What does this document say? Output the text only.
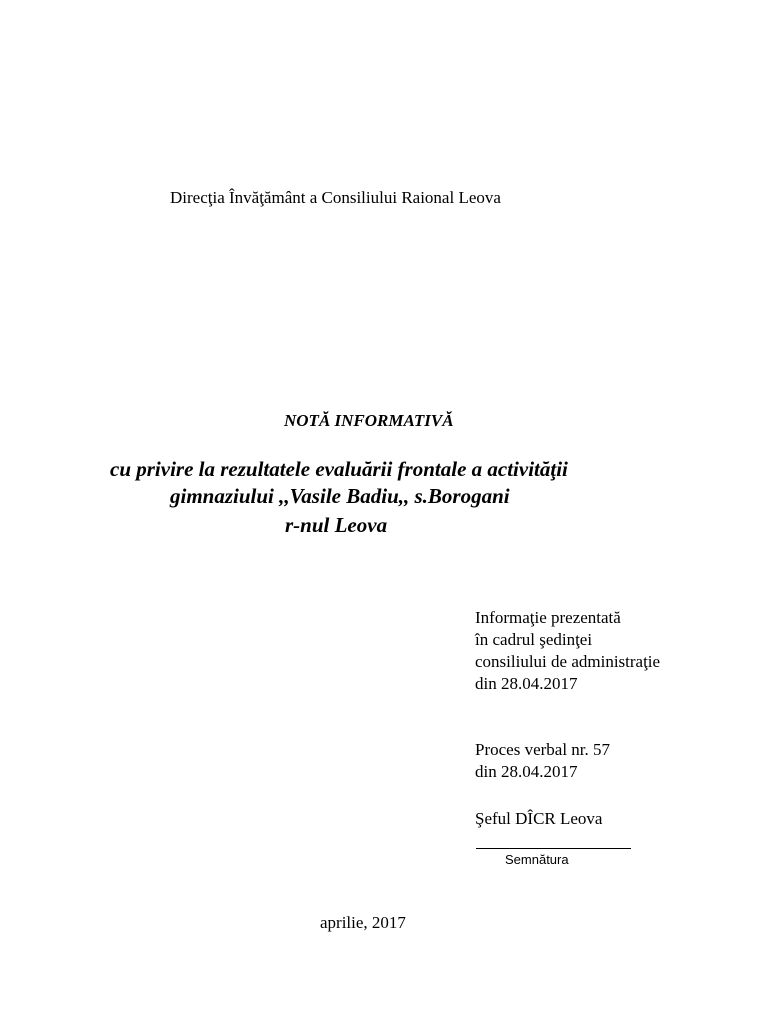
Direcţia Învăţământ a Consiliului Raional Leova
NOTĂ INFORMATIVĂ
cu privire la rezultatele evaluării frontale a activităţii
gimnaziului ,,Vasile Badiu,, s.Borogani
r-nul Leova
Informaţie prezentată
în cadrul şedinţei
consiliului de administraţie
din 28.04.2017
Proces verbal nr. 57
din 28.04.2017
Şeful DÎCR Leova
Semnătura
aprilie, 2017
